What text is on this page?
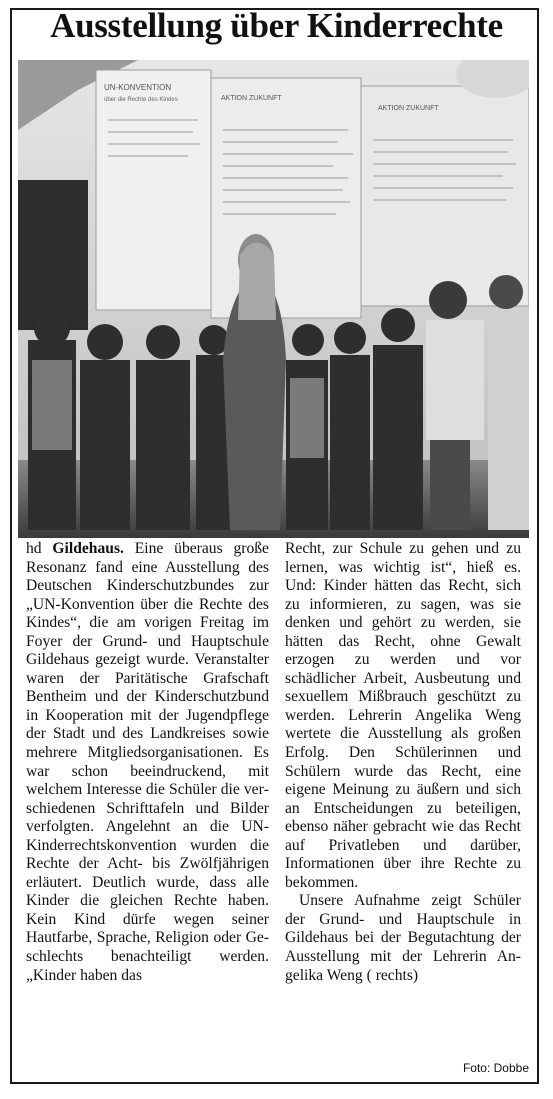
Ausstellung über Kinderrechte
UN-KONVENTION
über die Rechte des Kindes	AKTION ZUKUNFT
AKTION ZUKUNFT

hd Gildehaus. Eine überaus große Resonanz fand eine Ausstellung des Deutschen Kinderschutzbundes zur „UN-Konvention über die Rechte des Kindes“, die am vorigen Freitag im Foyer der Grund- und Hauptschule Gildehaus gezeigt wurde. Veranstalter waren der Paritätische Grafschaft Bentheim und der Kinderschutzbund in Kooperation mit der Jugendpflege der Stadt und des Landkreises sowie mehrere Mitgliedsorganisationen. Es war schon beeindruckend, mit welchem Interesse die Schüler die verschiedenen Schrifttafeln und Bilder verfolgten. Angelehnt an die UN-Kinderrechtskonvention wurden die Rechte der Acht- bis Zwölfjährigen erläutert. Deutlich wurde, dass alle Kinder die gleichen Rechte haben. Kein Kind dürfe wegen seiner Hautfarbe, Sprache, Religion oder Geschlechts benachteiligt werden. „Kinder haben das

Recht, zur Schule zu gehen und zu lernen, was wichtig ist“, hieß es. Und: Kinder hätten das Recht, sich zu informieren, zu sagen, was sie denken und gehört zu werden, sie hätten das Recht, ohne Gewalt erzogen zu werden und vor schädlicher Arbeit, Ausbeutung und sexuellem Mißbrauch geschützt zu werden. Lehrerin Angelika Weng wertete die Ausstellung als großen Erfolg. Den Schülerinnen und Schülern wurde das Recht, eine eigene Meinung zu äußern und sich an Entscheidungen zu beteiligen, ebenso näher gebracht wie das Recht auf Privatleben und darüber, Informationen über ihre Rechte zu bekommen.

Unsere Aufnahme zeigt Schüler der Grund- und Hauptschule in Gildehaus bei der Begutachtung der Ausstellung mit der Lehrerin Angelika Weng ( rechts)

Foto: Dobbe
